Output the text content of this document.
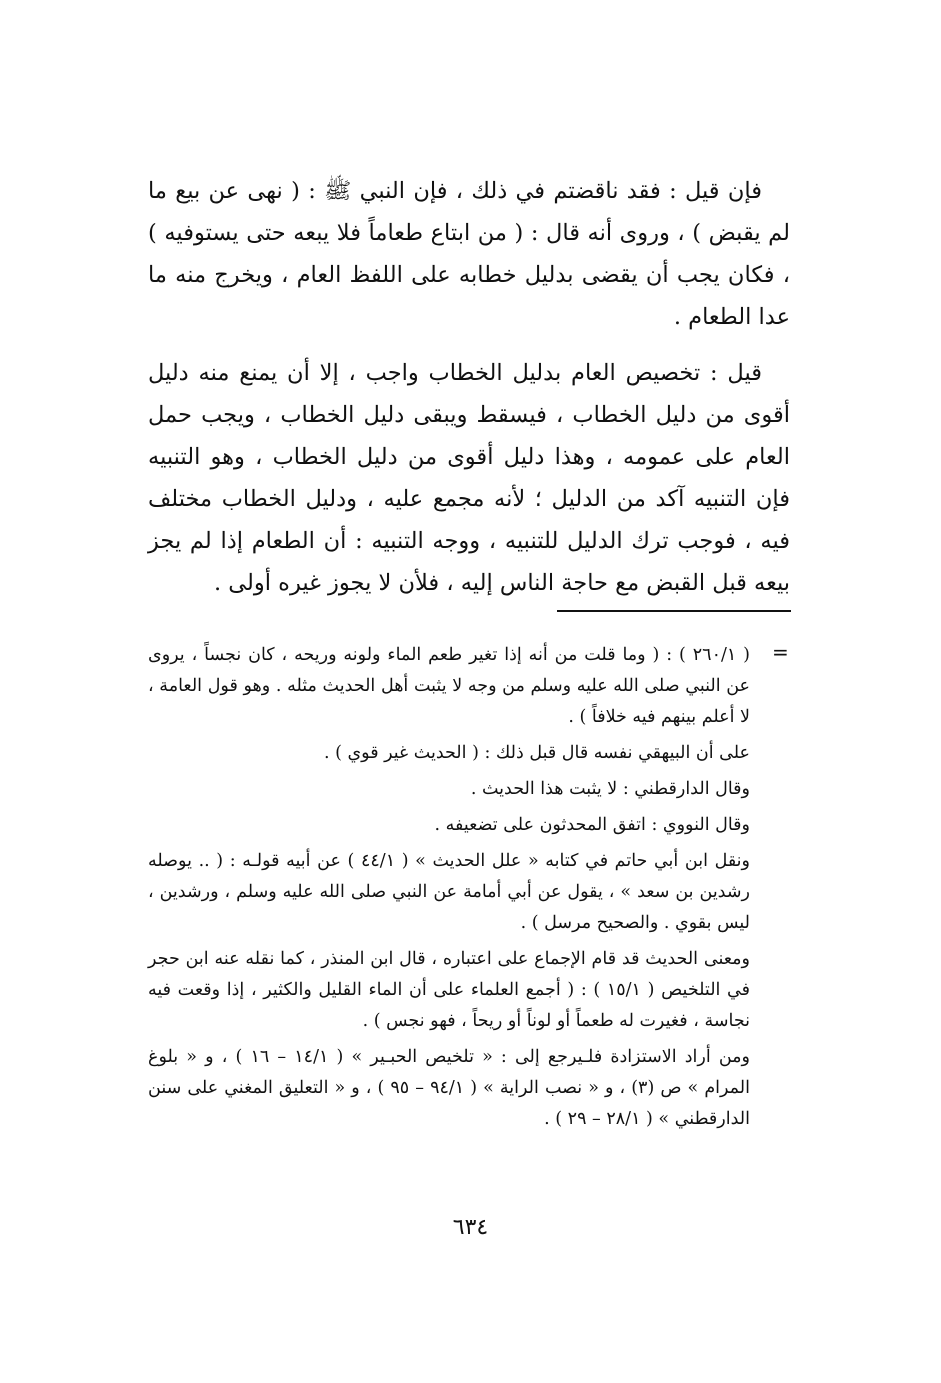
فإن قيل : فقد ناقضتم في ذلك ، فإن النبي ﷺ : ( نهى عن بيع ما لم يقبض ) ، وروى أنه قال : ( من ابتاع طعاماً فلا يبعه حتى يستوفيه ) ، فكان يجب أن يقضى بدليل خطابه على اللفظ العام ، ويخرج منه ما عدا الطعام .

قيل : تخصيص العام بدليل الخطاب واجب ، إلا أن يمنع منه دليل أقوى من دليل الخطاب ، فيسقط ويبقى دليل الخطاب ، ويجب حمل العام على عمومه ، وهذا دليل أقوى من دليل الخطاب ، وهو التنبيه فإن التنبيه آكد من الدليل ؛ لأنه مجمع عليه ، ودليل الخطاب مختلف فيه ، فوجب ترك الدليل للتنبيه ، ووجه التنبيه : أن الطعام إذا لم يجز بيعه قبل القبض مع حاجة الناس إليه ، فلأن لا يجوز غيره أولى .

=

( ٢٦٠/١ ) : ( وما قلت من أنه إذا تغير طعم الماء ولونه وريحه ، كان نجساً ، يروى عن النبي صلى الله عليه وسلم من وجه لا يثبت أهل الحديث مثله . وهو قول العامة ، لا أعلم بينهم فيه خلافاً ) .

على أن البيهقي نفسه قال قبل ذلك : ( الحديث غير قوي ) .

وقال الدارقطني : لا يثبت هذا الحديث .

وقال النووي : اتفق المحدثون على تضعيفه .

ونقل ابن أبي حاتم في كتابه « علل الحديث » ( ٤٤/١ ) عن أبيه قولـه : ( .. يوصله رشدين بن سعد » ، يقول عن أبي أمامة عن النبي صلى الله عليه وسلم ، ورشدين ، ليس بقوي . والصحيح مرسل ) .

ومعنى الحديث قد قام الإجماع على اعتباره ، قال ابن المنذر ، كما نقله عنه ابن حجر في التلخيص ( ١٥/١ ) : ( أجمع العلماء على أن الماء القليل والكثير ، إذا وقعت فيه نجاسة ، فغيرت له طعماً أو لوناً أو ريحاً ، فهو نجس ) .

ومن أراد الاستزادة فلـيرجع إلى : « تلخيص الحبـير » ( ١٤/١ – ١٦ ) ، و « بلوغ المرام » ص (٣) ، و « نصب الراية » ( ٩٤/١ – ٩٥ ) ، و « التعليق المغني على سنن الدارقطني » ( ٢٨/١ – ٢٩ ) .

٦٣٤
